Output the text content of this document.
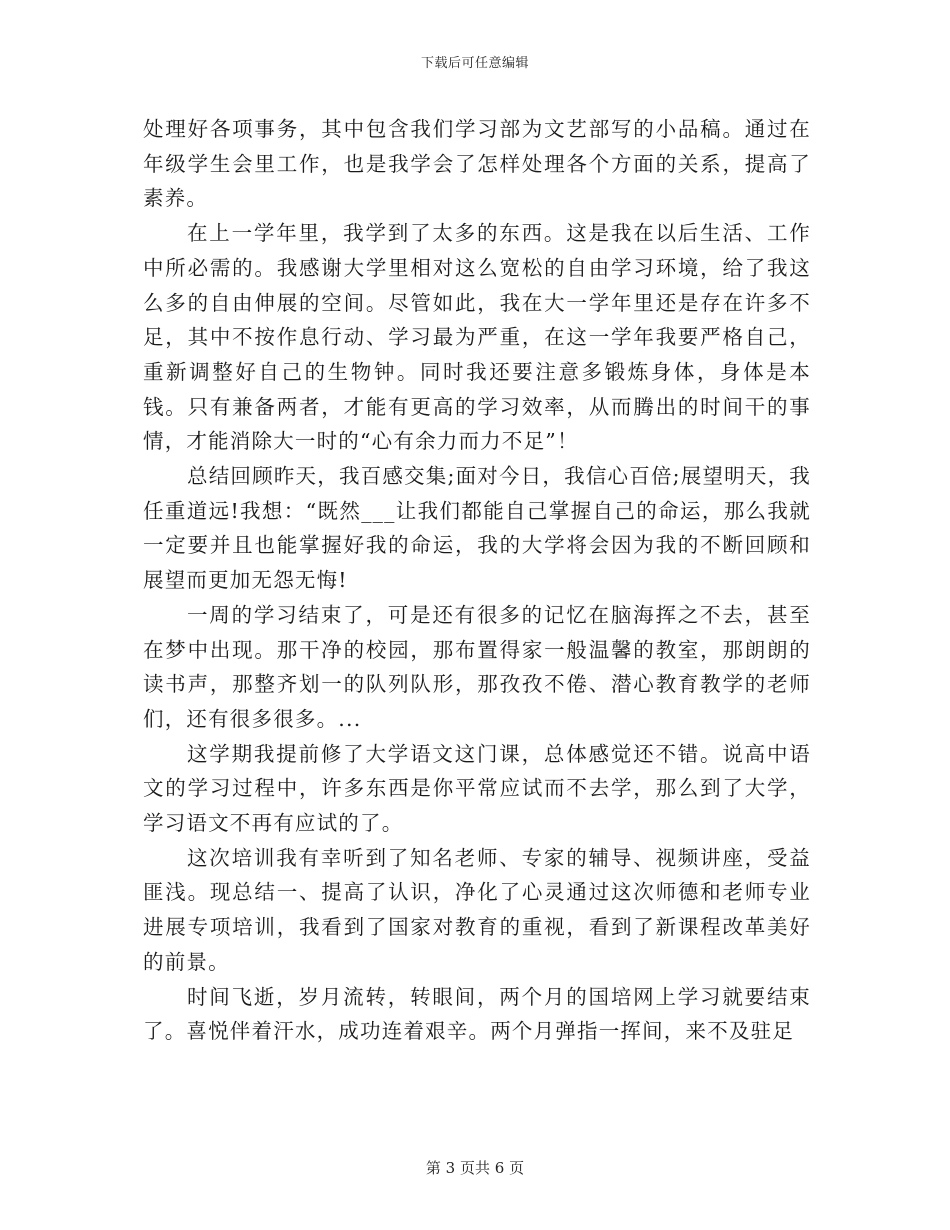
下载后可任意编辑

处理好各项事务，其中包含我们学习部为文艺部写的小品稿。通过在年级学生会里工作，也是我学会了怎样处理各个方面的关系，提高了素养。

在上一学年里，我学到了太多的东西。这是我在以后生活、工作中所必需的。我感谢大学里相对这么宽松的自由学习环境，给了我这么多的自由伸展的空间。尽管如此，我在大一学年里还是存在许多不足，其中不按作息行动、学习最为严重，在这一学年我要严格自己，重新调整好自己的生物钟。同时我还要注意多锻炼身体，身体是本钱。只有兼备两者，才能有更高的学习效率，从而腾出的时间干的事情，才能消除大一时的“心有余力而力不足”！

总结回顾昨天，我百感交集;面对今日，我信心百倍;展望明天，我任重道远!我想：“既然___让我们都能自己掌握自己的命运，那么我就一定要并且也能掌握好我的命运，我的大学将会因为我的不断回顾和展望而更加无怨无悔!

一周的学习结束了，可是还有很多的记忆在脑海挥之不去，甚至在梦中出现。那干净的校园，那布置得家一般温馨的教室，那朗朗的读书声，那整齐划一的队列队形，那孜孜不倦、潜心教育教学的老师们，还有很多很多。...

这学期我提前修了大学语文这门课，总体感觉还不错。说高中语文的学习过程中，许多东西是你平常应试而不去学，那么到了大学，学习语文不再有应试的了。

这次培训我有幸听到了知名老师、专家的辅导、视频讲座，受益匪浅。现总结一、提高了认识，净化了心灵通过这次师德和老师专业进展专项培训，我看到了国家对教育的重视，看到了新课程改革美好的前景。

时间飞逝，岁月流转，转眼间，两个月的国培网上学习就要结束了。喜悦伴着汗水，成功连着艰辛。两个月弹指一挥间，来不及驻足

第 3 页共 6 页
